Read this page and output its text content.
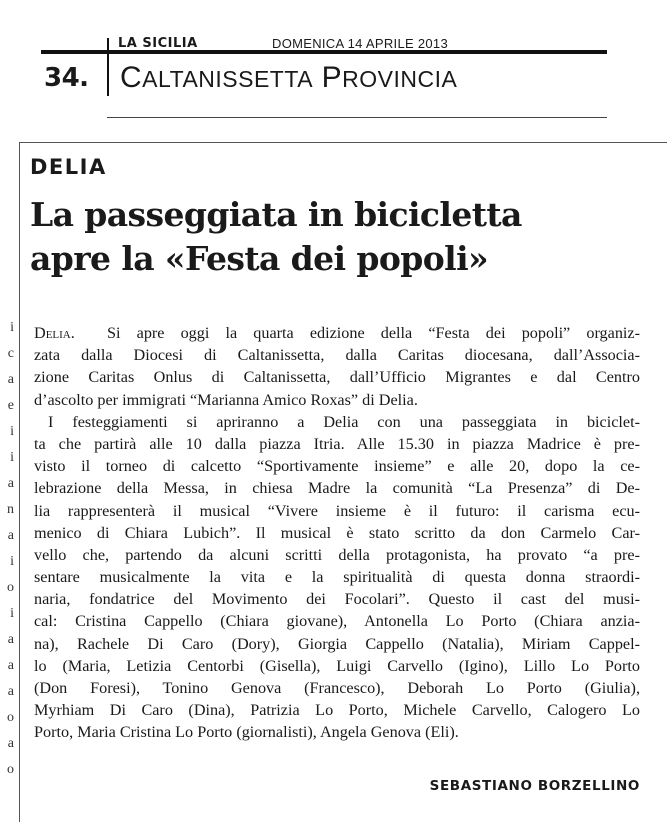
LA SICILIA	DOMENICA 14 APRILE 2013
34. CALTANISSETTA PROVINCIA
i
c
a
e
i
i
a
n
a
i
o
i
a
a
a
o
a
o
DELIA
La passeggiata in bicicletta
apre la «Festa dei popoli»
Delia.  Si apre oggi la quarta edizione della “Festa dei popoli” organiz-
zata dalla Diocesi di Caltanissetta, dalla Caritas diocesana, dall’Associa-
zione Caritas Onlus di Caltanissetta, dall’Ufficio Migrantes e dal Centro
d’ascolto per immigrati “Marianna Amico Roxas” di Delia.
I festeggiamenti si apriranno a Delia con una passeggiata in biciclet-
ta che partirà alle 10 dalla piazza Itria. Alle 15.30 in piazza Madrice è pre-
visto il torneo di calcetto “Sportivamente insieme” e alle 20, dopo la ce-
lebrazione della Messa, in chiesa Madre la comunità “La Presenza” di De-
lia rappresenterà il musical “Vivere insieme è il futuro: il carisma ecu-
menico di Chiara Lubich”. Il musical è stato scritto da don Carmelo Car-
vello che, partendo da alcuni scritti della protagonista, ha provato “a pre-
sentare musicalmente la vita e la spiritualità di questa donna straordi-
naria, fondatrice del Movimento dei Focolari”. Questo il cast del musi-
cal: Cristina Cappello (Chiara giovane), Antonella Lo Porto (Chiara anzia-
na), Rachele Di Caro (Dory), Giorgia Cappello (Natalia), Miriam Cappel-
lo (Maria, Letizia Centorbi (Gisella), Luigi Carvello (Igino), Lillo Lo Porto
(Don Foresi), Tonino Genova (Francesco), Deborah Lo Porto (Giulia),
Myrhiam Di Caro (Dina), Patrizia Lo Porto, Michele Carvello, Calogero Lo
Porto, Maria Cristina Lo Porto (giornalisti), Angela Genova (Eli).
SEBASTIANO BORZELLINO
